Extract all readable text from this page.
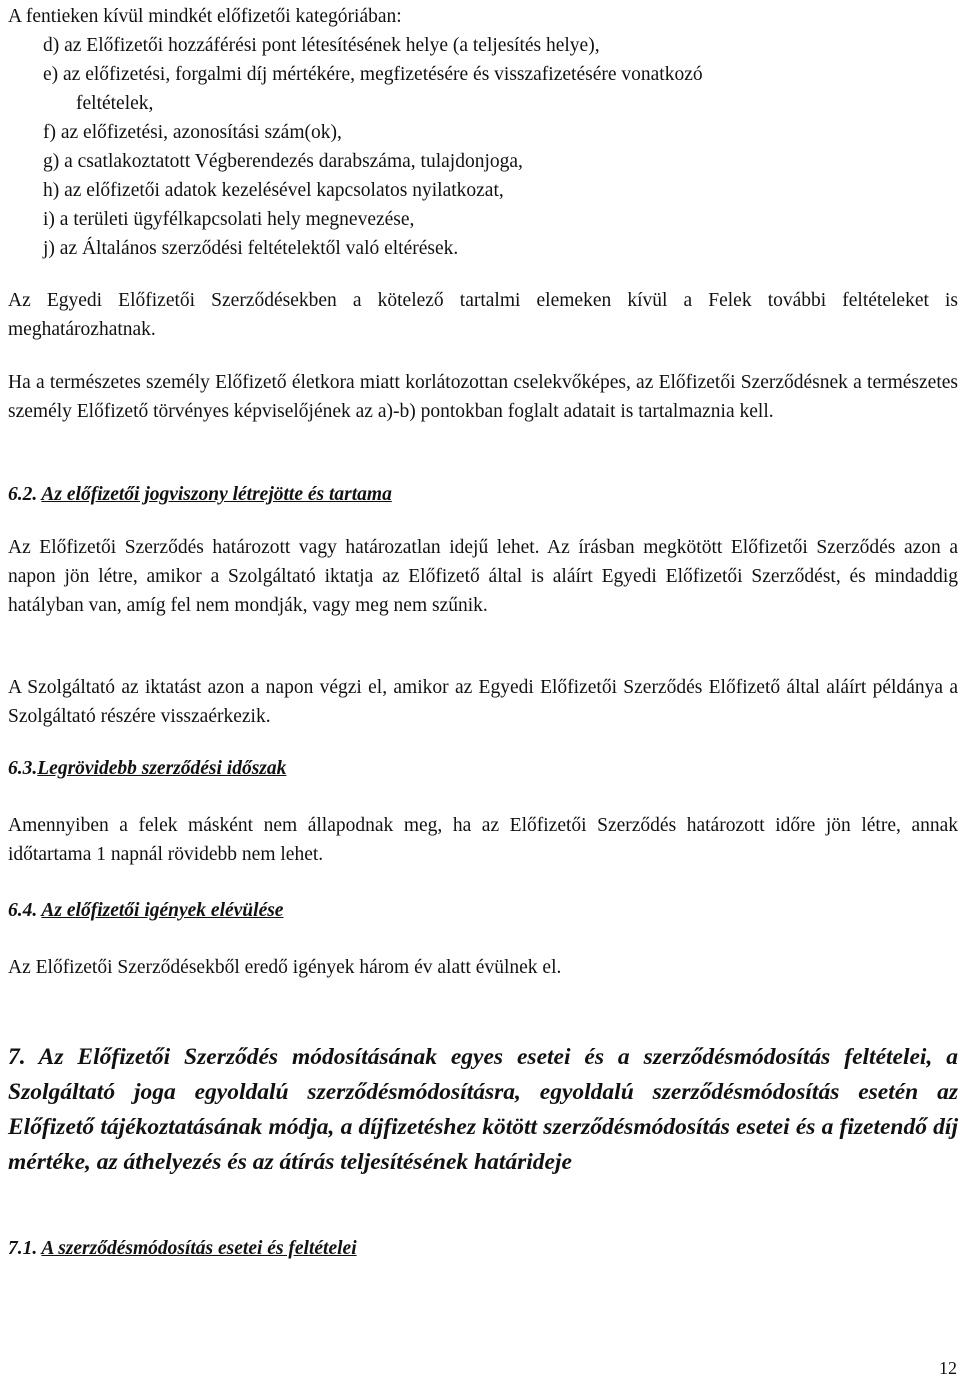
A fentieken kívül mindkét előfizetői kategóriában:

d) az Előfizetői hozzáférési pont létesítésének helye (a teljesítés helye),

e) az előfizetési, forgalmi díj mértékére, megfizetésére és visszafizetésére vonatkozó

feltételek,

f) az előfizetési, azonosítási szám(ok),

g) a csatlakoztatott Végberendezés darabszáma, tulajdonjoga,

h) az előfizetői adatok kezelésével kapcsolatos nyilatkozat,

i) a területi ügyfélkapcsolati hely megnevezése,

j) az Általános szerződési feltételektől való eltérések.

Az Egyedi Előfizetői Szerződésekben a kötelező tartalmi elemeken kívül a Felek további feltételeket is meghatározhatnak.

Ha a természetes személy Előfizető életkora miatt korlátozottan cselekvőképes, az Előfizetői Szerződésnek a természetes személy Előfizető törvényes képviselőjének az a)-b) pontokban foglalt adatait is tartalmaznia kell.

6.2. Az előfizetői jogviszony létrejötte és tartama

Az Előfizetői Szerződés határozott vagy határozatlan idejű lehet. Az írásban megkötött Előfizetői Szerződés azon a napon jön létre, amikor a Szolgáltató iktatja az Előfizető által is aláírt Egyedi Előfizetői Szerződést, és mindaddig hatályban van, amíg fel nem mondják, vagy meg nem szűnik.

A Szolgáltató az iktatást azon a napon végzi el, amikor az Egyedi Előfizetői Szerződés Előfizető által aláírt példánya a Szolgáltató részére visszaérkezik.

6.3.Legrövidebb szerződési időszak

Amennyiben a felek másként nem állapodnak meg, ha az Előfizetői Szerződés határozott időre jön létre, annak időtartama 1 napnál rövidebb nem lehet.

6.4. Az előfizetői igények elévülése

Az Előfizetői Szerződésekből eredő igények három év alatt évülnek el.

7. Az Előfizetői Szerződés módosításának egyes esetei és a szerződésmódosítás feltételei, a Szolgáltató joga egyoldalú szerződésmódosításra, egyoldalú szerződésmódosítás esetén az Előfizető tájékoztatásának módja, a díjfizetéshez kötött szerződésmódosítás esetei és a fizetendő díj mértéke, az áthelyezés és az átírás teljesítésének határideje

7.1. A szerződésmódosítás esetei és feltételei

12
